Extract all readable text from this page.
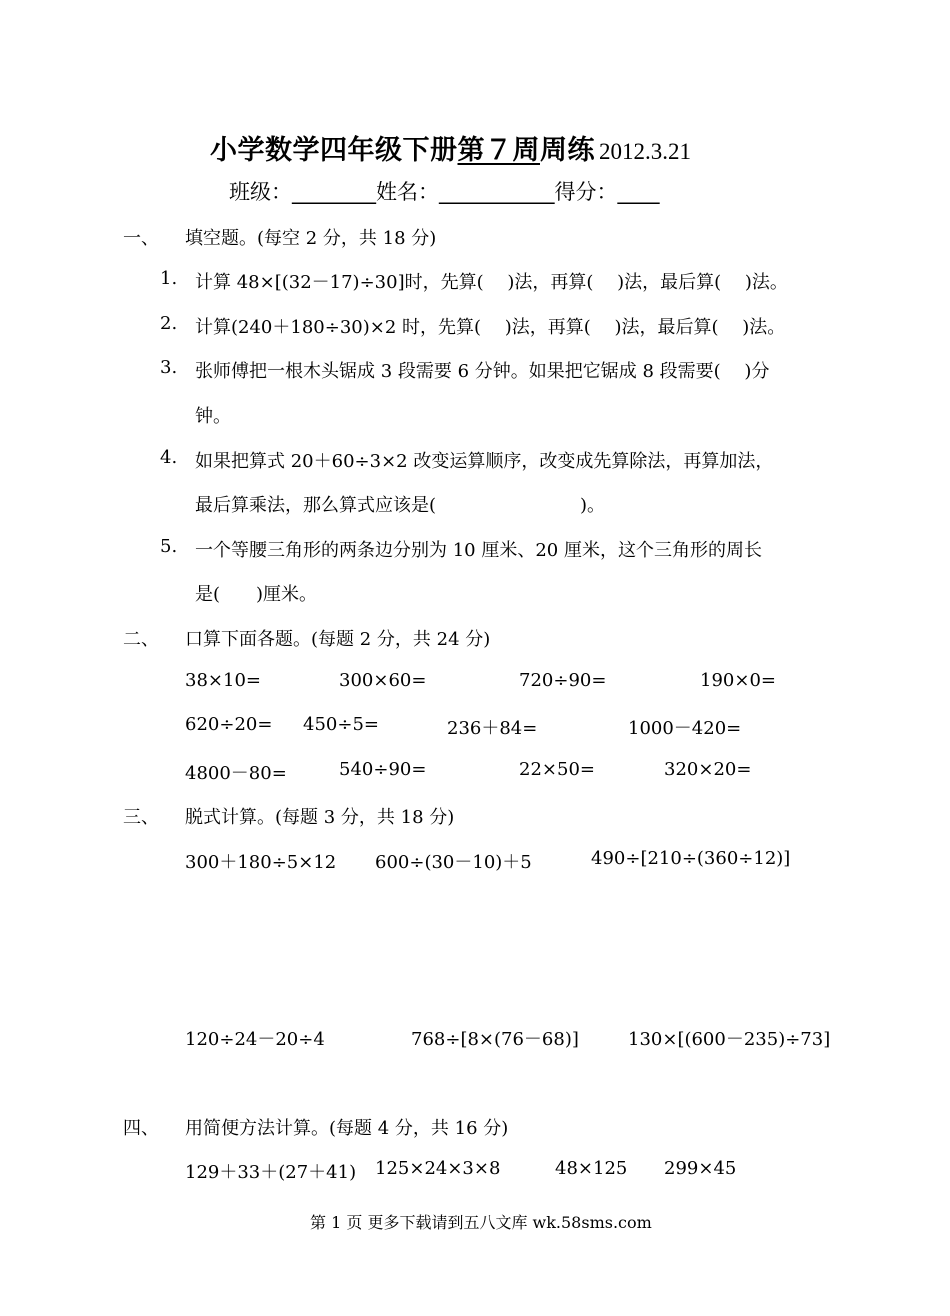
小学数学四年级下册第７周周练 2012.3.21
班级：________姓名：___________得分：____
一、 填空题。(每空 2 分，共 18 分)
1. 计算 48×[(32－17)÷30]时，先算(　 )法，再算(　 )法，最后算(　 )法。
2. 计算(240＋180÷30)×2 时，先算(　 )法，再算(　 )法，最后算(　 )法。
3. 张师傅把一根木头锯成 3 段需要 6 分钟。如果把它锯成 8 段需要(　 )分
钟。
4. 如果把算式 20＋60÷3×2 改变运算顺序，改变成先算除法，再算加法，
最后算乘法，那么算式应该是(　　　　　　　　)。
5. 一个等腰三角形的两条边分别为 10 厘米、20 厘米，这个三角形的周长
是(　　)厘米。
二、 口算下面各题。(每题 2 分，共 24 分)
38×10=	300×60=	720÷90=	190×0=
620÷20= 450÷5=	236＋84=	1000－420=
4800－80=	540÷90=	22×50=	320×20=
三、 脱式计算。(每题 3 分，共 18 分)
300＋180÷5×12 600÷(30－10)＋5	490÷[210÷(360÷12)]
120÷24－20÷4	768÷[8×(76－68)]	130×[(600－235)÷73]
四、 用简便方法计算。(每题 4 分，共 16 分)
129＋33＋(27＋41) 125×24×3×8	48×125 299×45
第 1 页 更多下载请到五八文库 wk.58sms.com
